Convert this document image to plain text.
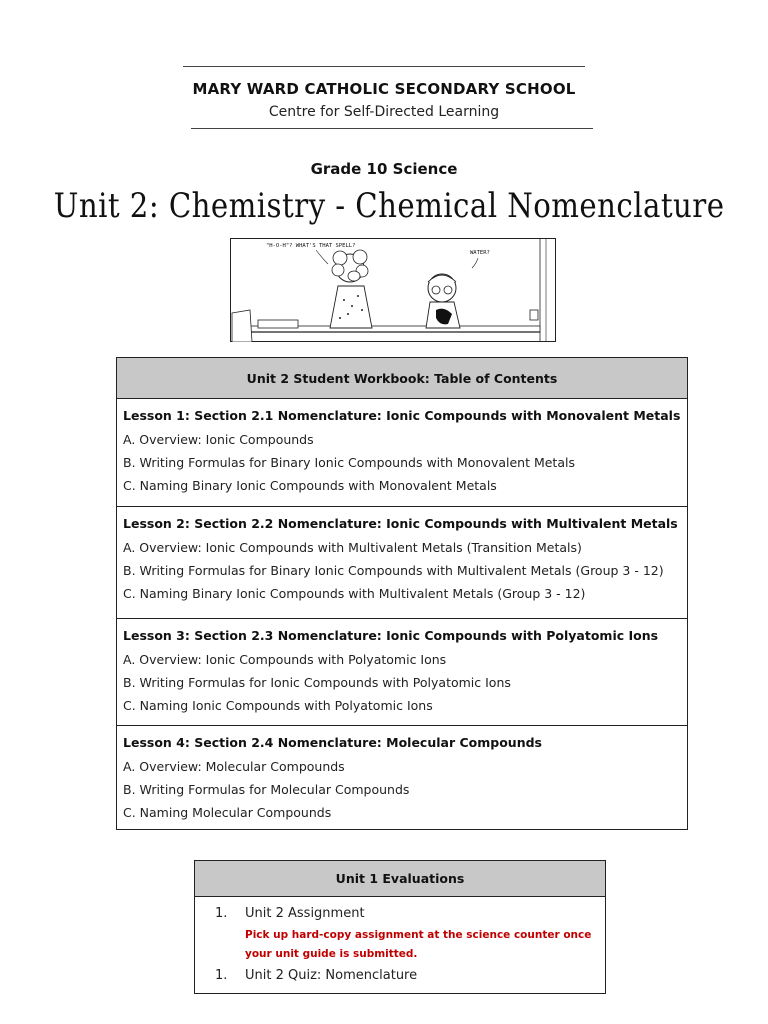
MARY WARD CATHOLIC SECONDARY SCHOOL
Centre for Self-Directed Learning
Grade 10 Science
Unit 2: Chemistry - Chemical Nomenclature
"H-O-H"? WHAT'S THAT SPELL?
WATER?
Unit 2 Student Workbook: Table of Contents
Lesson 1: Section 2.1 Nomenclature: Ionic Compounds with Monovalent Metals
A. Overview: Ionic Compounds
B. Writing Formulas for Binary Ionic Compounds with Monovalent Metals
C. Naming Binary Ionic Compounds with Monovalent Metals
Lesson 2: Section 2.2 Nomenclature: Ionic Compounds with Multivalent Metals
A. Overview: Ionic Compounds with Multivalent Metals (Transition Metals)
B. Writing Formulas for Binary Ionic Compounds with Multivalent Metals (Group 3 - 12)
C. Naming Binary Ionic Compounds with Multivalent Metals (Group 3 - 12)
Lesson 3: Section 2.3 Nomenclature: Ionic Compounds with Polyatomic Ions
A. Overview: Ionic Compounds with Polyatomic Ions
B. Writing Formulas for Ionic Compounds with Polyatomic Ions
C. Naming Ionic Compounds with Polyatomic Ions
Lesson 4: Section 2.4 Nomenclature: Molecular Compounds
A. Overview: Molecular Compounds
B. Writing Formulas for Molecular Compounds
C. Naming Molecular Compounds
Unit 1 Evaluations
1. Unit 2 Assignment
Pick up hard-copy assignment at the science counter once your unit guide is submitted.
1. Unit 2 Quiz: Nomenclature
